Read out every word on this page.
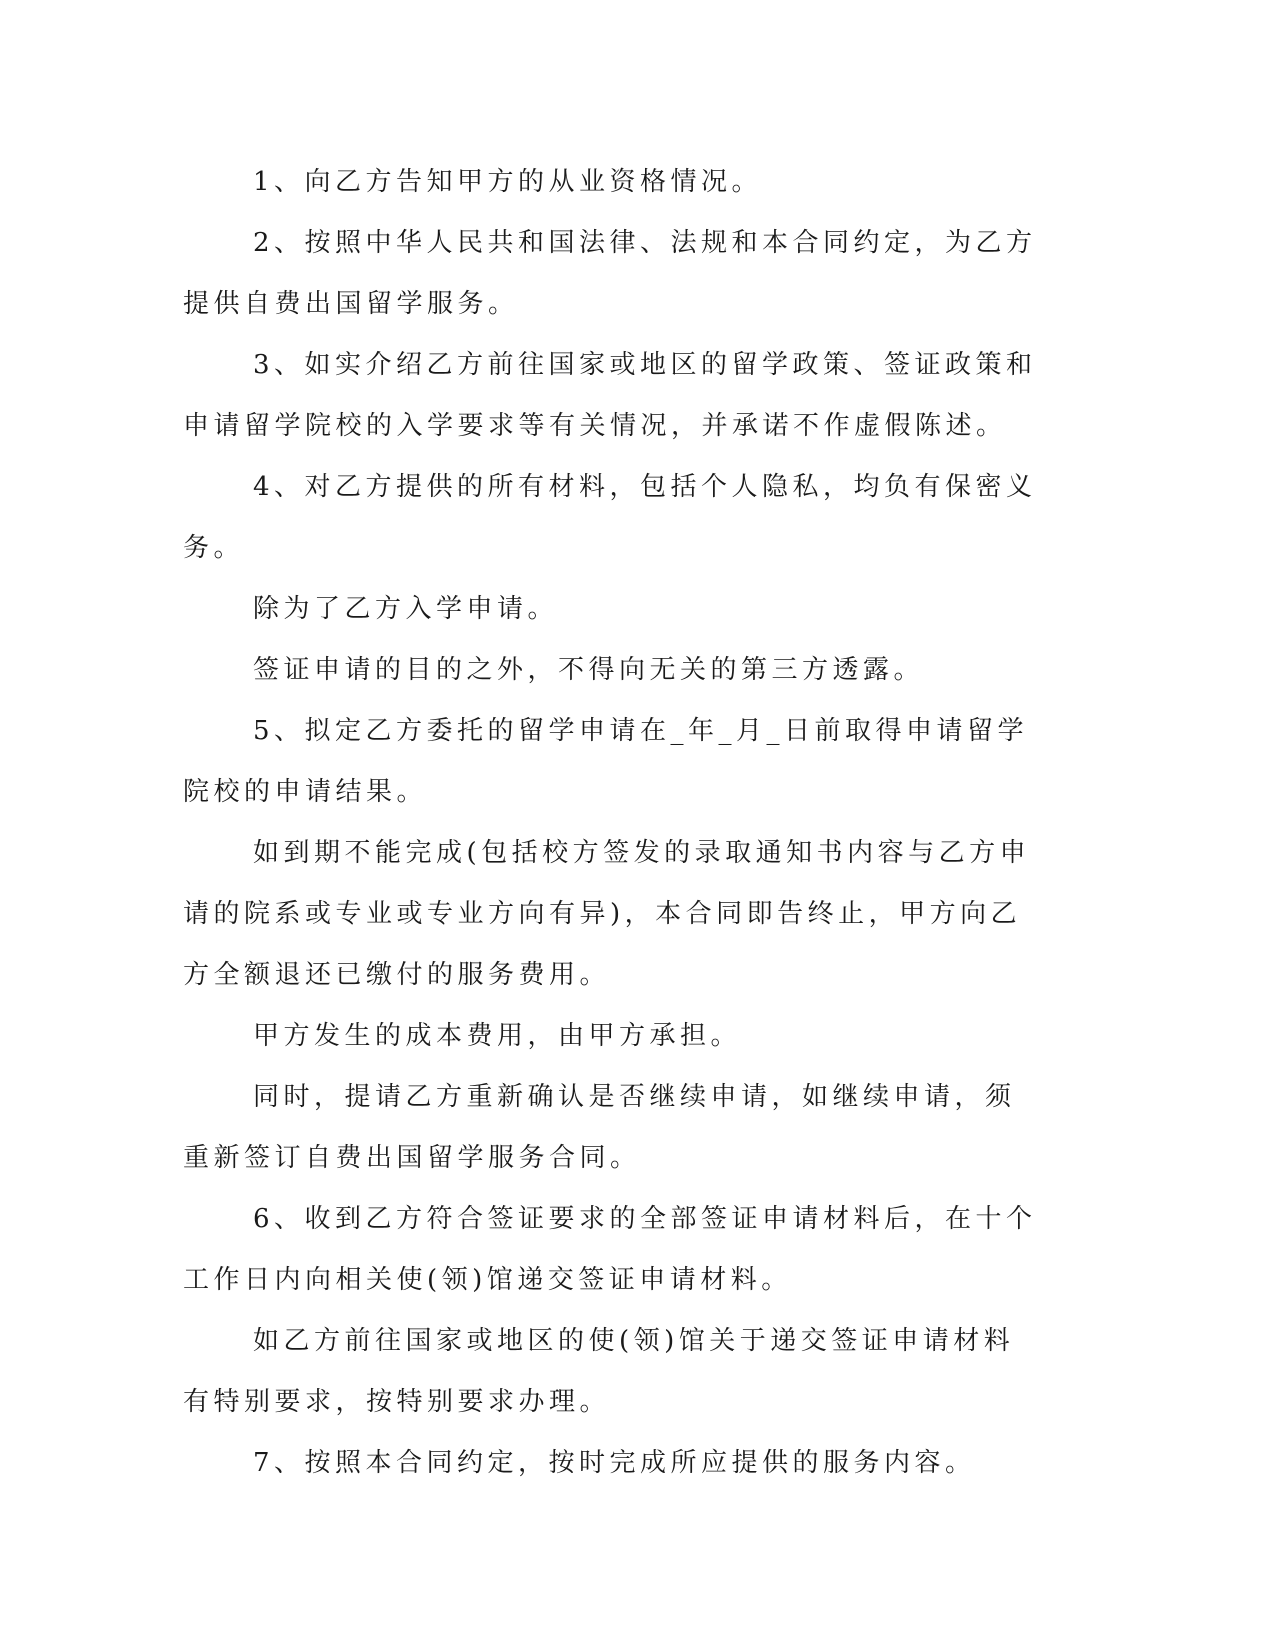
1、向乙方告知甲方的从业资格情况。

2、按照中华人民共和国法律、法规和本合同约定，为乙方提供自费出国留学服务。

3、如实介绍乙方前往国家或地区的留学政策、签证政策和申请留学院校的入学要求等有关情况，并承诺不作虚假陈述。

4、对乙方提供的所有材料，包括个人隐私，均负有保密义务。

除为了乙方入学申请。

签证申请的目的之外，不得向无关的第三方透露。

5、拟定乙方委托的留学申请在_年_月_日前取得申请留学院校的申请结果。

如到期不能完成(包括校方签发的录取通知书内容与乙方申请的院系或专业或专业方向有异)，本合同即告终止，甲方向乙方全额退还已缴付的服务费用。

甲方发生的成本费用，由甲方承担。

同时，提请乙方重新确认是否继续申请，如继续申请，须重新签订自费出国留学服务合同。

6、收到乙方符合签证要求的全部签证申请材料后，在十个工作日内向相关使(领)馆递交签证申请材料。

如乙方前往国家或地区的使(领)馆关于递交签证申请材料有特别要求，按特别要求办理。

7、按照本合同约定，按时完成所应提供的服务内容。
